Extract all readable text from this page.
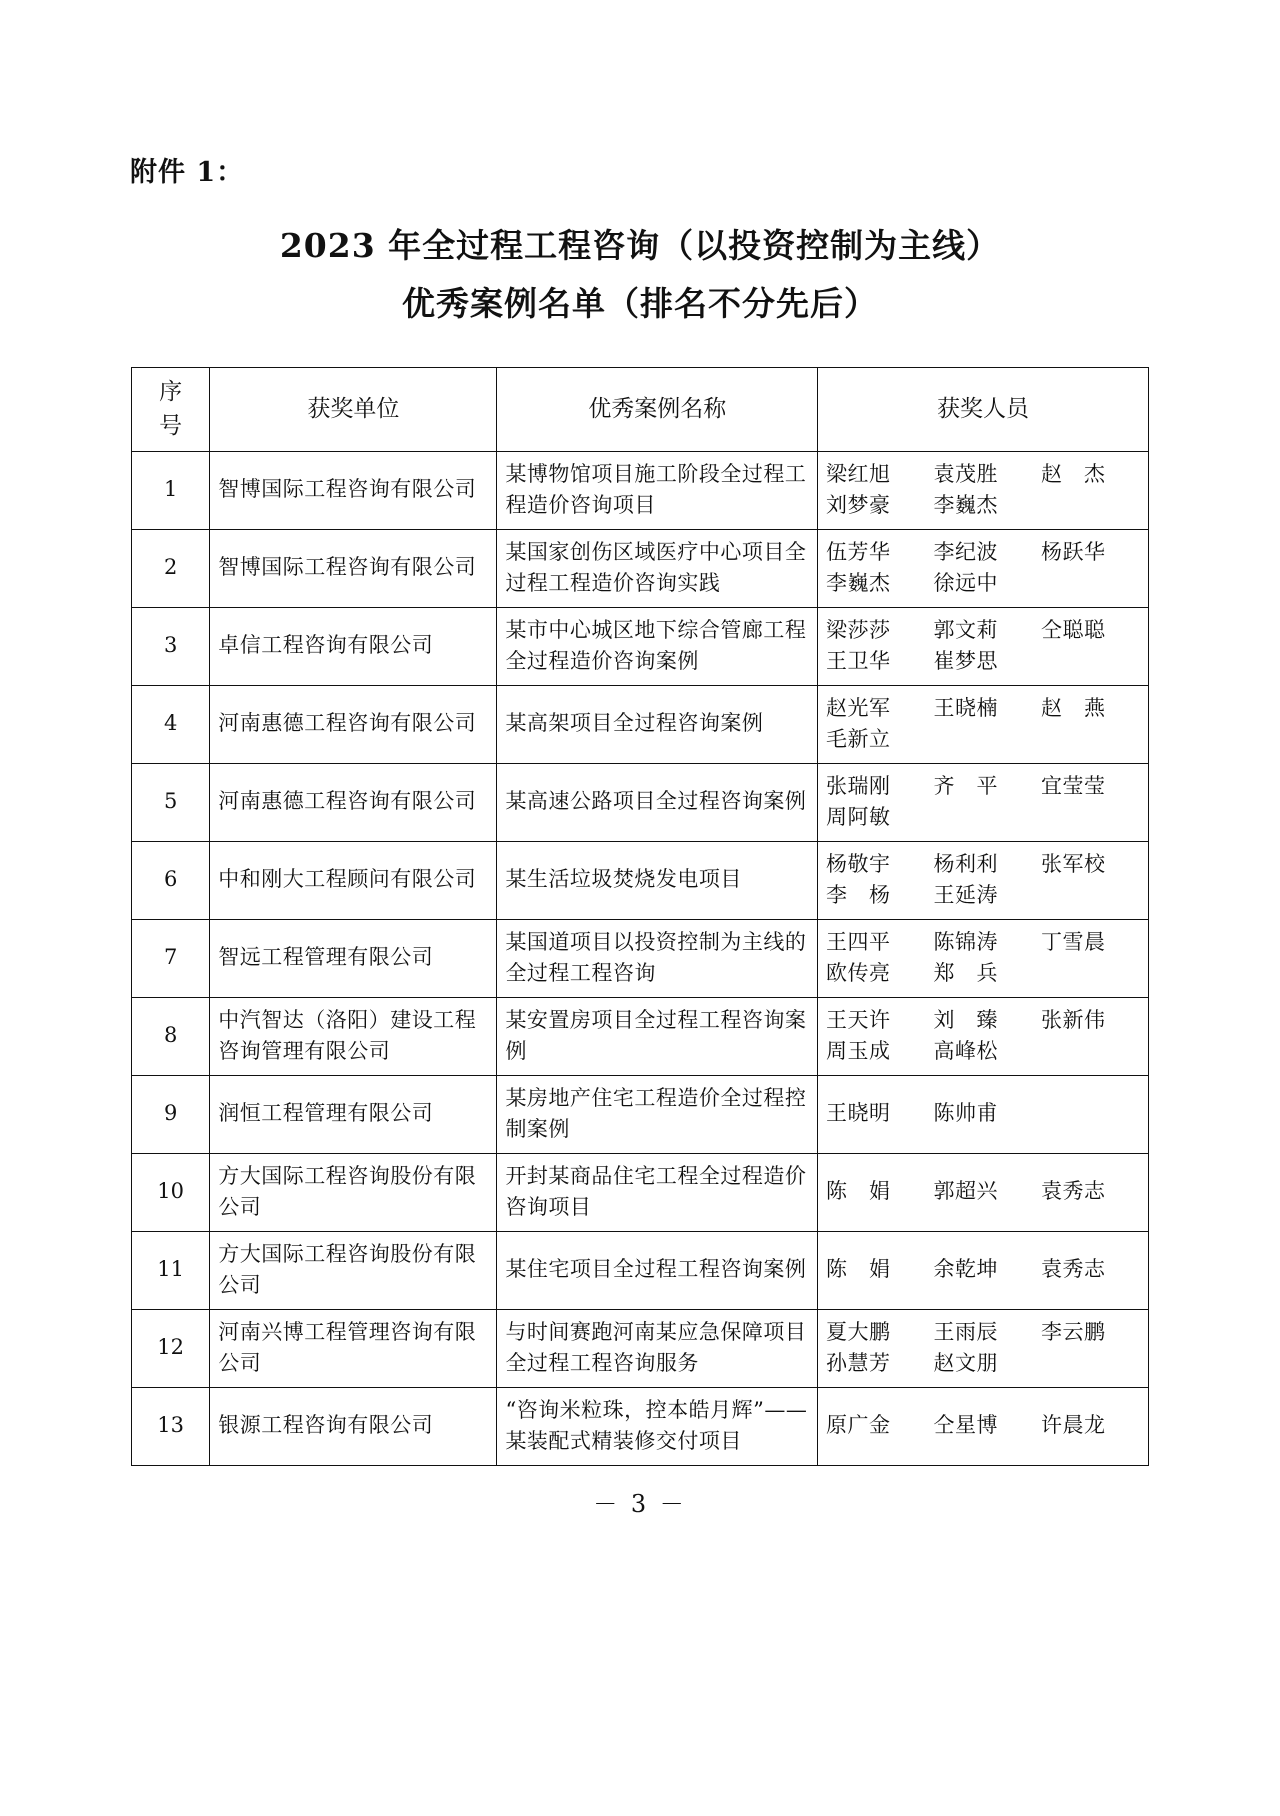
附件 1：
2023 年全过程工程咨询（以投资控制为主线）
优秀案例名单（排名不分先后）
序
号	获奖单位	优秀案例名称	获奖人员
1	智博国际工程咨询有限公司	某博物馆项目施工阶段全过程工程造价咨询项目	梁红旭　　袁茂胜　　赵　杰
刘梦豪　　李巍杰

2	智博国际工程咨询有限公司	某国家创伤区域医疗中心项目全过程工程造价咨询实践	伍芳华　　李纪波　　杨跃华
李巍杰　　徐远中

3	卓信工程咨询有限公司	某市中心城区地下综合管廊工程全过程造价咨询案例	梁莎莎　　郭文莉　　仝聪聪
王卫华　　崔梦思

4	河南惠德工程咨询有限公司	某高架项目全过程咨询案例	赵光军　　王晓楠　　赵　燕
毛新立

5	河南惠德工程咨询有限公司	某高速公路项目全过程咨询案例	张瑞刚　　齐　平　　宜莹莹
周阿敏

6	中和刚大工程顾问有限公司	某生活垃圾焚烧发电项目	杨敬宇　　杨利利　　张军校
李　杨　　王延涛

7	智远工程管理有限公司	某国道项目以投资控制为主线的全过程工程咨询	王四平　　陈锦涛　　丁雪晨
欧传亮　　郑　兵

8	中汽智达（洛阳）建设工程咨询管理有限公司	某安置房项目全过程工程咨询案例	王天许　　刘　臻　　张新伟
周玉成　　高峰松

9	润恒工程管理有限公司	某房地产住宅工程造价全过程控制案例	王晓明　　陈帅甫

10	方大国际工程咨询股份有限公司	开封某商品住宅工程全过程造价咨询项目	陈　娟　　郭超兴　　袁秀志

11	方大国际工程咨询股份有限公司	某住宅项目全过程工程咨询案例	陈　娟　　余乾坤　　袁秀志

12	河南兴博工程管理咨询有限公司	与时间赛跑河南某应急保障项目全过程工程咨询服务	夏大鹏　　王雨辰　　李云鹏
孙慧芳　　赵文朋

13	银源工程咨询有限公司	“咨询米粒珠，控本皓月辉”——某装配式精装修交付项目	原广金　　仝星博　　许晨龙
－ 3 －
